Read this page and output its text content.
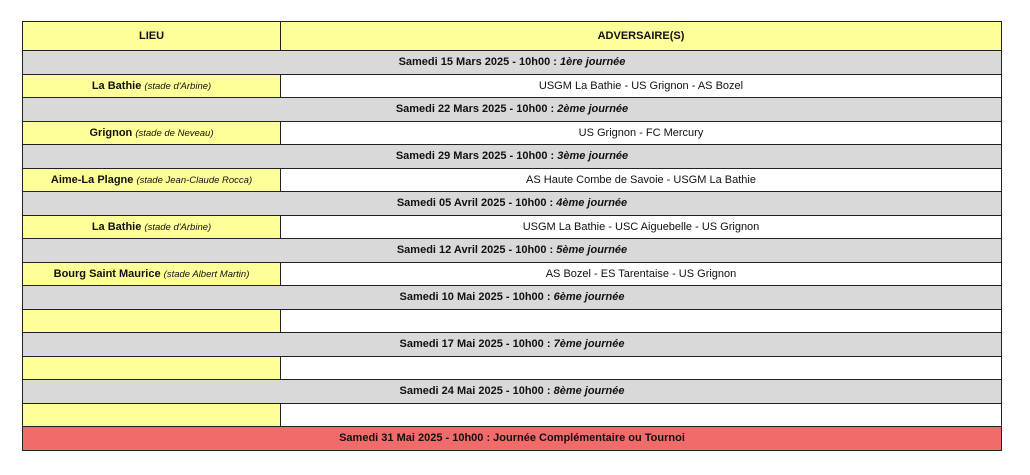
LIEU	ADVERSAIRE(S)
Samedi 15 Mars 2025 - 10h00 : 1ère journée	
La Bathie (stade d'Arbine)	USGM La Bathie - US Grignon - AS Bozel
Samedi 22 Mars 2025 - 10h00 : 2ème journée	
Grignon (stade de Neveau)	US Grignon - FC Mercury
Samedi 29 Mars 2025 - 10h00 : 3ème journée	
Aime-La Plagne (stade Jean-Claude Rocca)	AS Haute Combe de Savoie - USGM La Bathie
Samedi 05 Avril 2025 - 10h00 : 4ème journée	
La Bathie (stade d'Arbine)	USGM La Bathie - USC Aiguebelle - US Grignon
Samedi 12 Avril 2025 - 10h00 : 5ème journée	
Bourg Saint Maurice (stade Albert Martin)	AS Bozel - ES Tarentaise - US Grignon
Samedi 10 Mai 2025 - 10h00 : 6ème journée	

Samedi 17 Mai 2025 - 10h00 : 7ème journée	

Samedi 24 Mai 2025 - 10h00 : 8ème journée	

Samedi 31 Mai 2025 - 10h00 : Journée Complémentaire ou Tournoi	
